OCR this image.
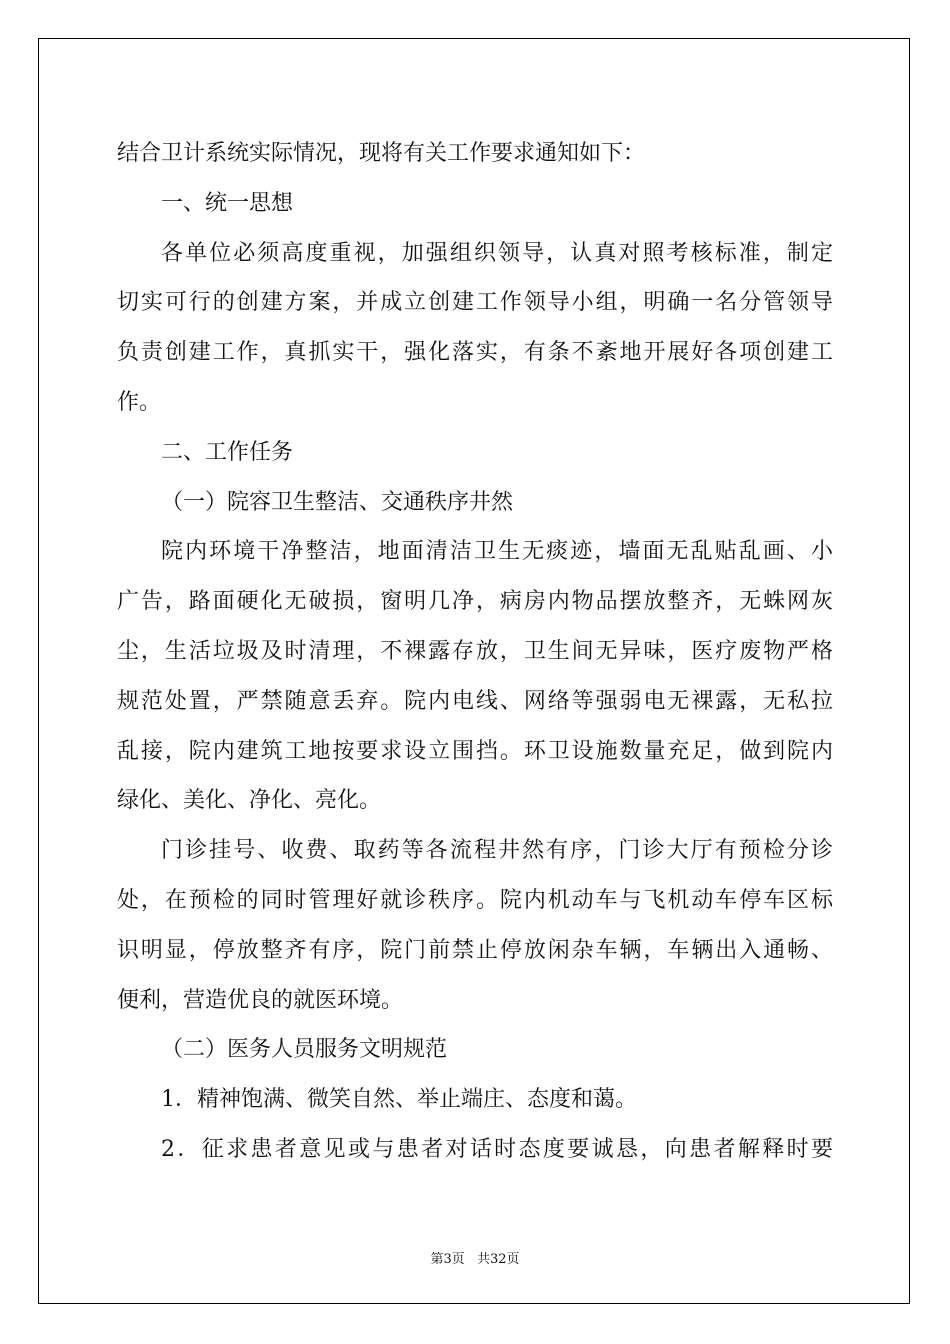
结合卫计系统实际情况，现将有关工作要求通知如下：

一、统一思想

各单位必须高度重视，加强组织领导，认真对照考核标准，制定

切实可行的创建方案，并成立创建工作领导小组，明确一名分管领导

负责创建工作，真抓实干，强化落实，有条不紊地开展好各项创建工

作。

二、工作任务

（一）院容卫生整洁、交通秩序井然

院内环境干净整洁，地面清洁卫生无痰迹，墙面无乱贴乱画、小

广告，路面硬化无破损，窗明几净，病房内物品摆放整齐，无蛛网灰

尘，生活垃圾及时清理，不裸露存放，卫生间无异味，医疗废物严格

规范处置，严禁随意丢弃。院内电线、网络等强弱电无裸露，无私拉

乱接，院内建筑工地按要求设立围挡。环卫设施数量充足，做到院内

绿化、美化、净化、亮化。

门诊挂号、收费、取药等各流程井然有序，门诊大厅有预检分诊

处，在预检的同时管理好就诊秩序。院内机动车与飞机动车停车区标

识明显，停放整齐有序，院门前禁止停放闲杂车辆，车辆出入通畅、

便利，营造优良的就医环境。

（二）医务人员服务文明规范

1．精神饱满、微笑自然、举止端庄、态度和蔼。

2．征求患者意见或与患者对话时态度要诚恳，向患者解释时要

第3页 共32页
